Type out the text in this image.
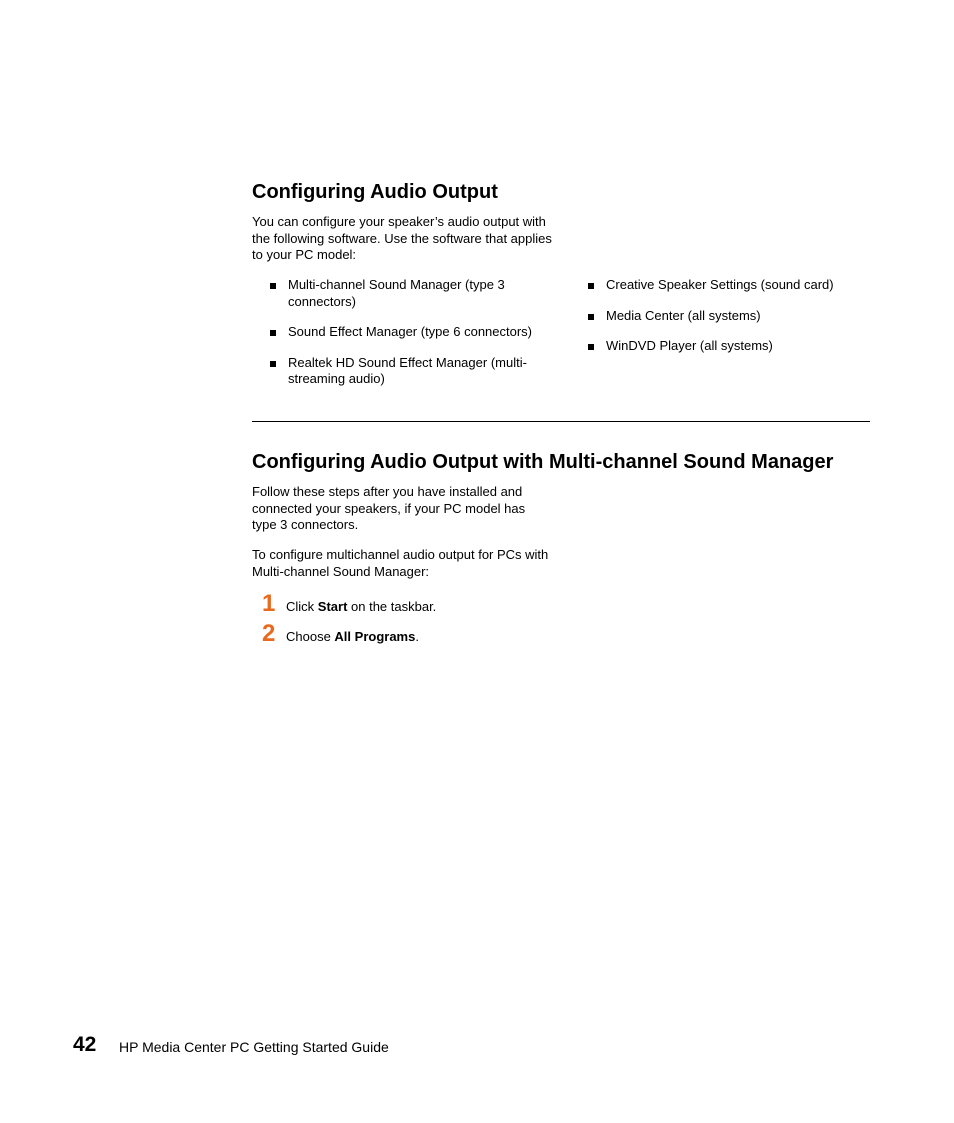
Configuring Audio Output

You can configure your speaker’s audio output with the following software. Use the software that applies to your PC model:

Multi-channel Sound Manager (type 3 connectors)
Sound Effect Manager (type 6 connectors)
Realtek HD Sound Effect Manager (multi-streaming audio)
Creative Speaker Settings (sound card)
Media Center (all systems)
WinDVD Player (all systems)
Configuring Audio Output with Multi-channel Sound Manager

Follow these steps after you have installed and connected your speakers, if your PC model has type 3 connectors.

To configure multichannel audio output for PCs with Multi-channel Sound Manager:

1 Click Start on the taskbar.
2 Choose All Programs.
42 HP Media Center PC Getting Started Guide
